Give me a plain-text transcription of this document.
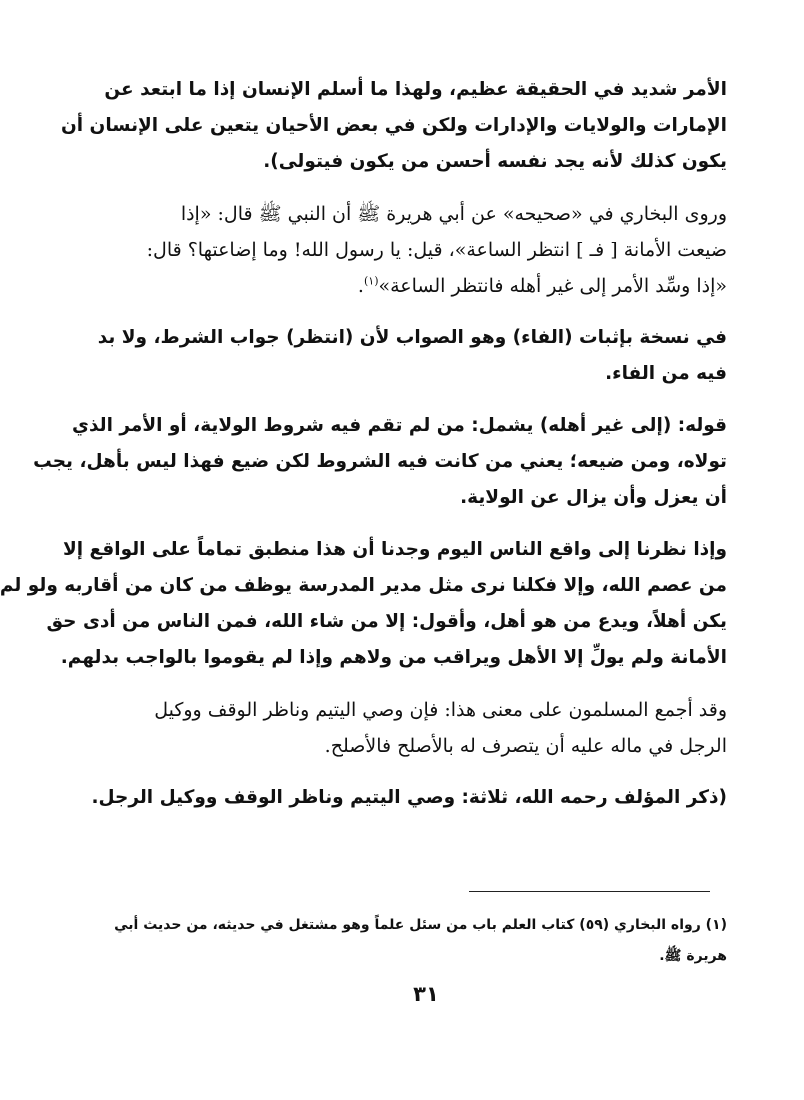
الأمر شديد في الحقيقة عظيم، ولهذا ما أسلم الإنسان إذا ما ابتعد عن
الإمارات والولايات والإدارات ولكن في بعض الأحيان يتعين على الإنسان أن
يكون كذلك لأنه يجد نفسه أحسن من يكون فيتولى).
وروى البخاري في «صحيحه» عن أبي هريرة ﷺ أن النبي ﷺ قال: «إذا
ضيعت الأمانة [ فـ ] انتظر الساعة»، قيل: يا رسول الله! وما إضاعتها؟ قال:
«إذا وسِّد الأمر إلى غير أهله فانتظر الساعة»$^{(١)}$.
في نسخة بإثبات (الفاء) وهو الصواب لأن (انتظر) جواب الشرط، ولا بد
فيه من الفاء.
قوله: (إلى غير أهله) يشمل: من لم تقم فيه شروط الولاية، أو الأمر الذي
تولاه، ومن ضيعه؛ يعني من كانت فيه الشروط لكن ضيع فهذا ليس بأهل، يجب
أن يعزل وأن يزال عن الولاية.
وإذا نظرنا إلى واقع الناس اليوم وجدنا أن هذا منطبق تماماً على الواقع إلا
من عصم الله، وإلا فكلنا نرى مثل مدير المدرسة يوظف من كان من أقاربه ولو لم
يكن أهلاً، ويدع من هو أهل، وأقول: إلا من شاء الله، فمن الناس من أدى حق
الأمانة ولم يولِّ إلا الأهل ويراقب من ولاهم وإذا لم يقوموا بالواجب بدلهم.
وقد أجمع المسلمون على معنى هذا: فإن وصي اليتيم وناظر الوقف ووكيل
الرجل في ماله عليه أن يتصرف له بالأصلح فالأصلح.
(ذكر المؤلف رحمه الله، ثلاثة: وصي اليتيم وناظر الوقف ووكيل الرجل.
(١) رواه البخاري (٥٩) كتاب العلم باب من سئل علماً وهو مشتغل في حديثه، من حديث أبي
هريرة ﷺ.
٣١
